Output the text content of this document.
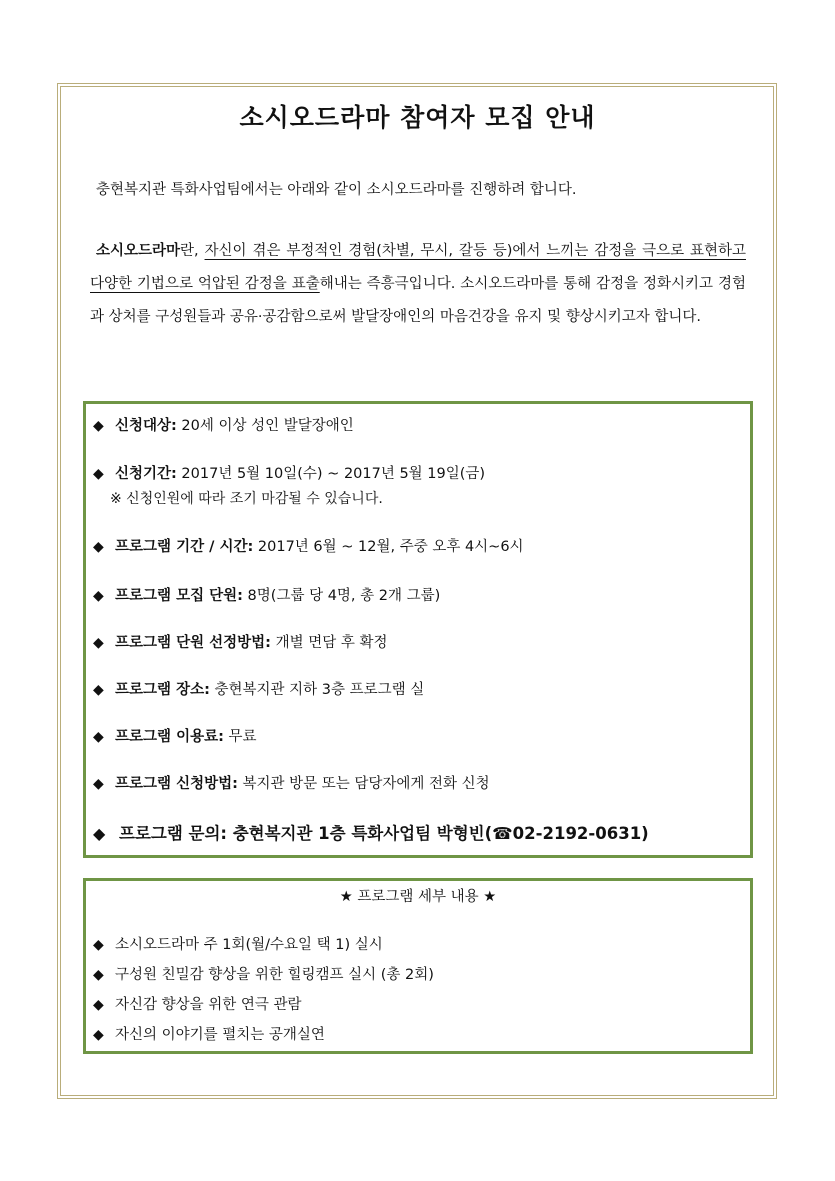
소시오드라마 참여자 모집 안내

충현복지관 특화사업팀에서는 아래와 같이 소시오드라마를 진행하려 합니다.

소시오드라마란, 자신이 겪은 부정적인 경험(차별, 무시, 갈등 등)에서 느끼는 감정을 극으로 표현하고 다양한 기법으로 억압된 감정을 표출해내는 즉흥극입니다. 소시오드라마를 통해 감정을 정화시키고 경험과 상처를 구성원들과 공유·공감함으로써 발달장애인의 마음건강을 유지 및 향상시키고자 합니다.

◆ 신청대상: 20세 이상 성인 발달장애인

◆ 신청기간: 2017년 5월 10일(수) ~ 2017년 5월 19일(금)

※ 신청인원에 따라 조기 마감될 수 있습니다.

◆ 프로그램 기간 / 시간: 2017년 6월 ~ 12월, 주중 오후 4시~6시

◆ 프로그램 모집 단원: 8명(그룹 당 4명, 총 2개 그룹)

◆ 프로그램 단원 선정방법: 개별 면담 후 확정

◆ 프로그램 장소: 충현복지관 지하 3층 프로그램 실

◆ 프로그램 이용료: 무료

◆ 프로그램 신청방법: 복지관 방문 또는 담당자에게 전화 신청

◆ 프로그램 문의: 충현복지관 1층 특화사업팀 박형빈(☎02-2192-0631)

★ 프로그램 세부 내용 ★

◆ 소시오드라마 주 1회(월/수요일 택 1) 실시

◆ 구성원 친밀감 향상을 위한 힐링캠프 실시 (총 2회)

◆ 자신감 향상을 위한 연극 관람

◆ 자신의 이야기를 펼치는 공개실연
